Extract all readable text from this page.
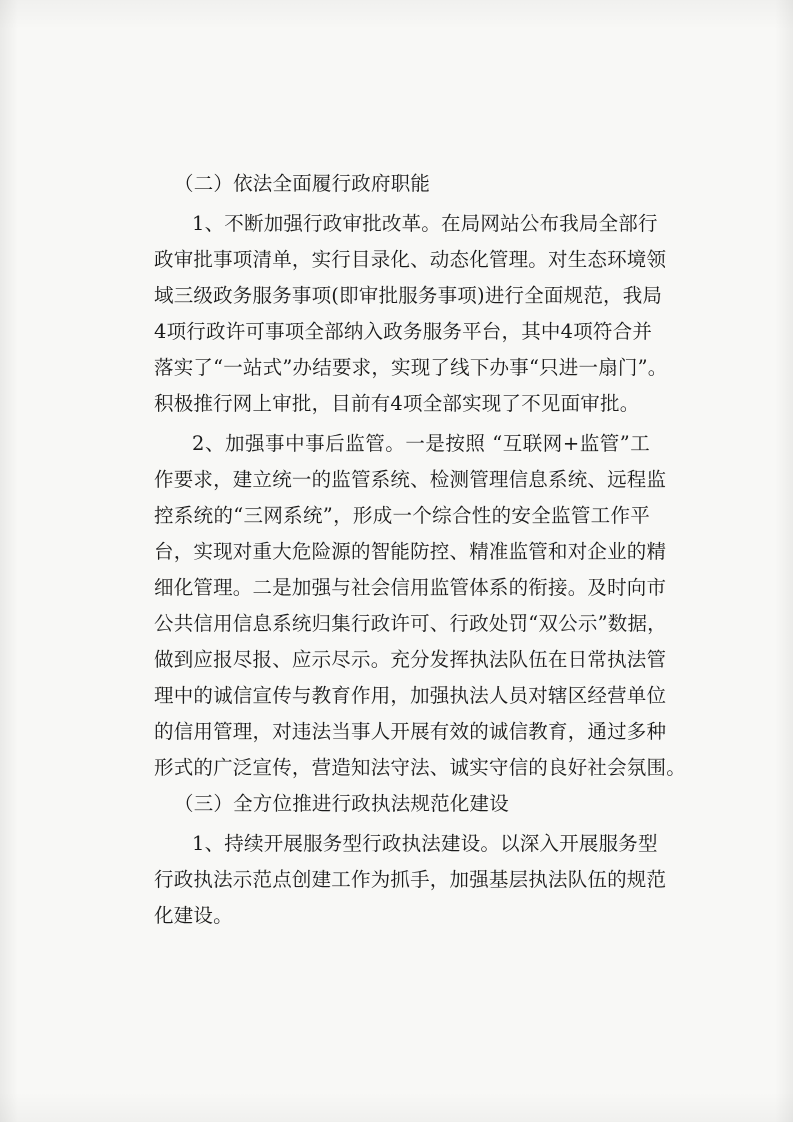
（二）依法全面履行政府职能

1、不断加强行政审批改革。在局网站公布我局全部行

政审批事项清单，实行目录化、动态化管理。对生态环境领

域三级政务服务事项(即审批服务事项)进行全面规范，我局

4项行政许可事项全部纳入政务服务平台，其中4项符合并

落实了“一站式”办结要求，实现了线下办事“只进一扇门”。

积极推行网上审批，目前有4项全部实现了不见面审批。

2、加强事中事后监管。一是按照 “互联网+监管”工

作要求，建立统一的监管系统、检测管理信息系统、远程监

控系统的“三网系统”，形成一个综合性的安全监管工作平

台，实现对重大危险源的智能防控、精准监管和对企业的精

细化管理。二是加强与社会信用监管体系的衔接。及时向市

公共信用信息系统归集行政许可、行政处罚“双公示”数据，

做到应报尽报、应示尽示。充分发挥执法队伍在日常执法管

理中的诚信宣传与教育作用，加强执法人员对辖区经营单位

的信用管理，对违法当事人开展有效的诚信教育，通过多种

形式的广泛宣传，营造知法守法、诚实守信的良好社会氛围。

（三）全方位推进行政执法规范化建设

1、持续开展服务型行政执法建设。以深入开展服务型

行政执法示范点创建工作为抓手，加强基层执法队伍的规范

化建设。
